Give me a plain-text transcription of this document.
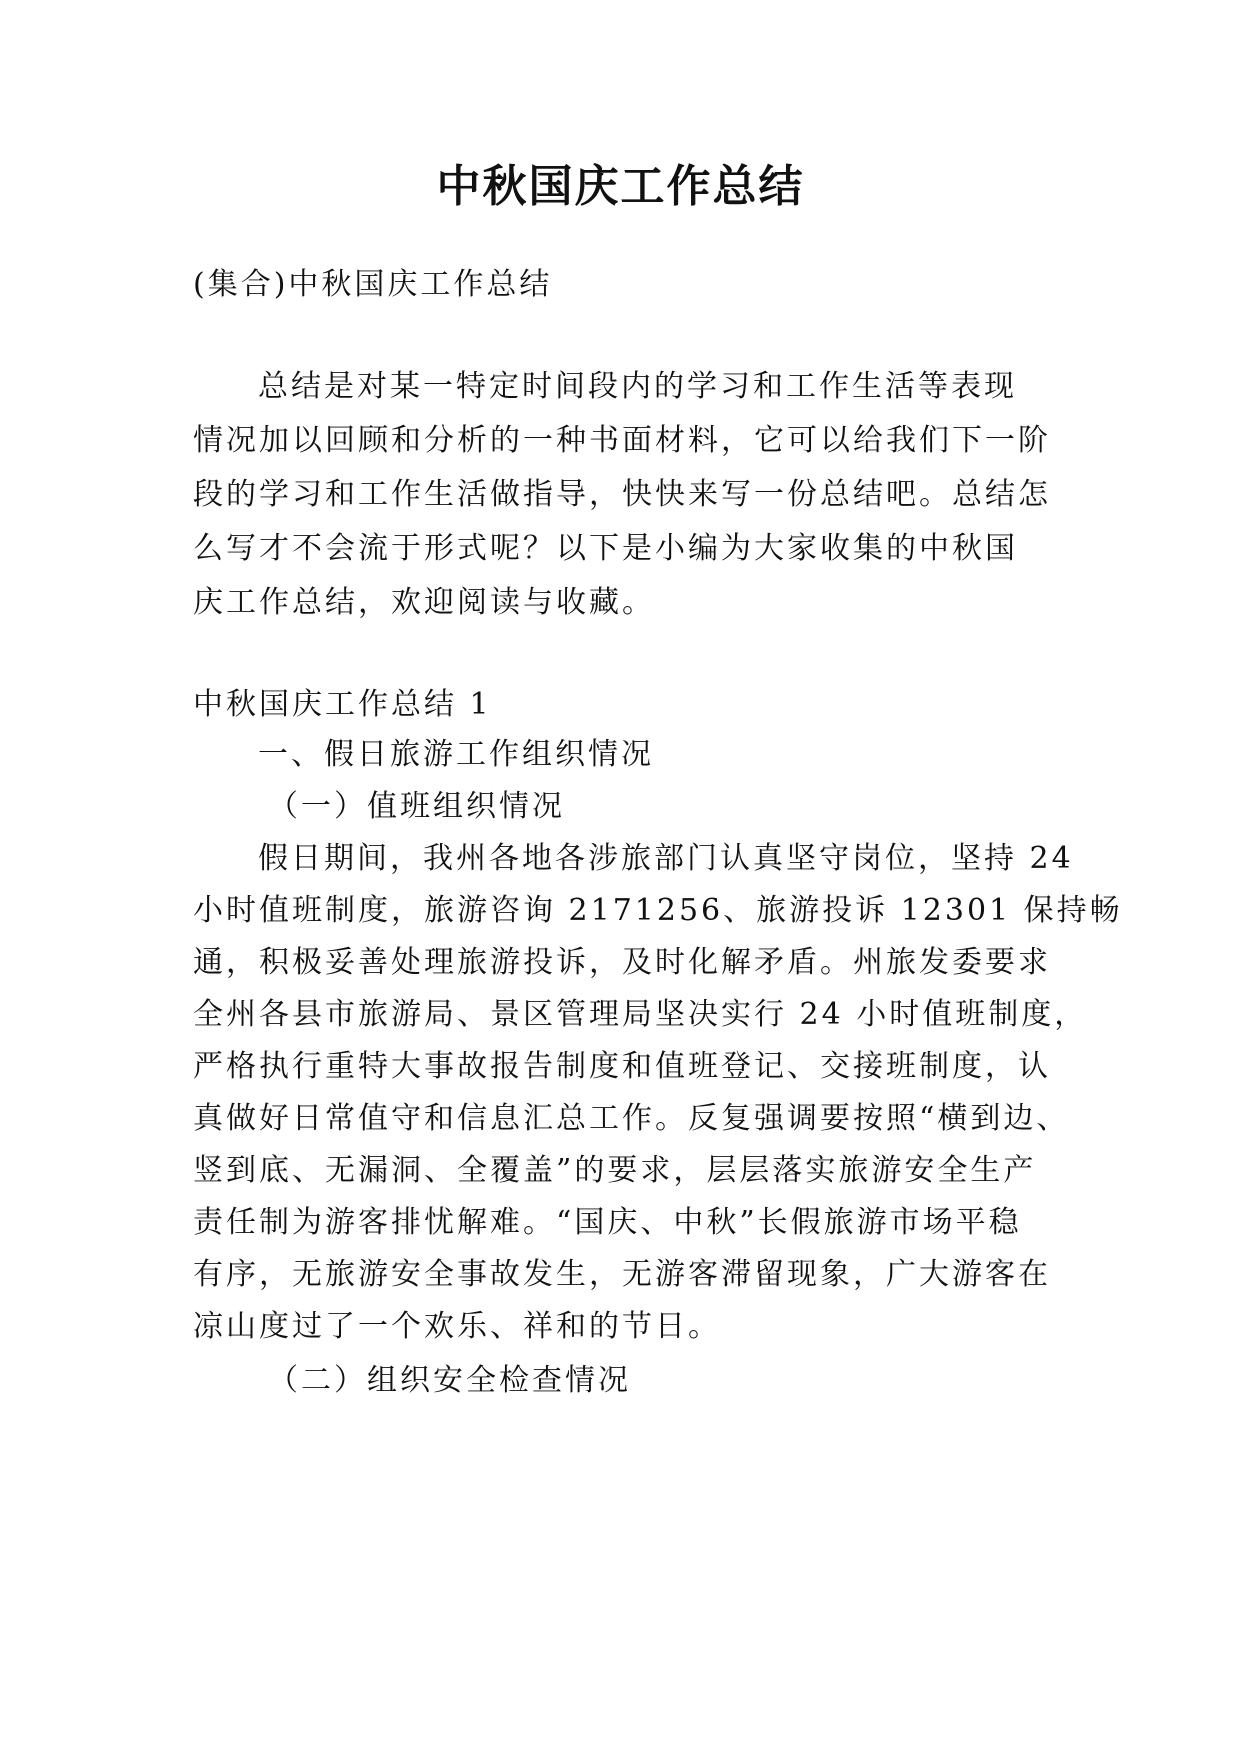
中秋国庆工作总结

(集合)中秋国庆工作总结

总结是对某一特定时间段内的学习和工作生活等表现

情况加以回顾和分析的一种书面材料，它可以给我们下一阶

段的学习和工作生活做指导，快快来写一份总结吧。总结怎

么写才不会流于形式呢？以下是小编为大家收集的中秋国

庆工作总结，欢迎阅读与收藏。

中秋国庆工作总结 1

一、假日旅游工作组织情况

（一）值班组织情况

假日期间，我州各地各涉旅部门认真坚守岗位，坚持 24

小时值班制度，旅游咨询 2171256、旅游投诉 12301 保持畅

通，积极妥善处理旅游投诉，及时化解矛盾。州旅发委要求

全州各县市旅游局、景区管理局坚决实行 24 小时值班制度，

严格执行重特大事故报告制度和值班登记、交接班制度，认

真做好日常值守和信息汇总工作。反复强调要按照“横到边、

竖到底、无漏洞、全覆盖”的要求，层层落实旅游安全生产

责任制为游客排忧解难。“国庆、中秋”长假旅游市场平稳

有序，无旅游安全事故发生，无游客滞留现象，广大游客在

凉山度过了一个欢乐、祥和的节日。

（二）组织安全检查情况
